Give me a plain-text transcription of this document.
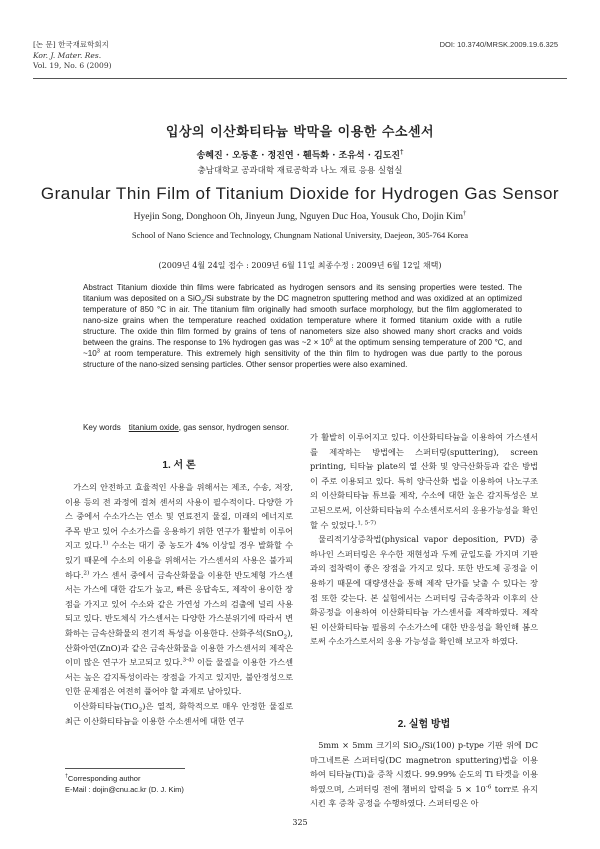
[논 문] 한국재료학회지
Kor. J. Mater. Res.
Vol. 19, No. 6 (2009)
DOI: 10.3740/MRSK.2009.19.6.325
입상의 이산화티타늄 박막을 이용한 수소센서
송혜진 · 오동훈 · 정진연 · 휀득화 · 조유석 · 김도진†
충남대학교 공과대학 재료공학과 나노 재료 응용 실험실
Granular Thin Film of Titanium Dioxide for Hydrogen Gas Sensor
Hyejin Song, Donghoon Oh, Jinyeun Jung, Nguyen Duc Hoa, Yousuk Cho, Dojin Kim†
School of Nano Science and Technology, Chungnam National University, Daejeon, 305-764 Korea
(2009년 4월 24일 접수 : 2009년 6월 11일 최종수정 : 2009년 6월 12일 채택)
Abstract Titanium dioxide thin films were fabricated as hydrogen sensors and its sensing properties were tested. The titanium was deposited on a SiO$_2$/Si substrate by the DC magnetron sputtering method and was oxidized at an optimized temperature of 850 °C in air. The titanium film originally had smooth surface morphology, but the film agglomerated to nano-size grains when the temperature reached oxidation temperature where it formed titanium oxide with a rutile structure. The oxide thin film formed by grains of tens of nanometers size also showed many short cracks and voids between the grains. The response to 1% hydrogen gas was ~2 × $10^6$ at the optimum sensing temperature of 200 °C, and $\sim 10^3$ at room temperature. This extremely high sensitivity of the thin film to hydrogen was due partly to the porous structure of the nano-sized sensing particles. Other sensor properties were also examined.
Key words titanium oxide, gas sensor, hydrogen sensor.
1. 서 론

가스의 안전하고 효율적인 사용을 위해서는 제조, 수송, 저장, 이용 등의 전 과정에 걸쳐 센서의 사용이 필수적이다. 다양한 가스 중에서 수소가스는 연소 및 연료전지 물질, 미래의 에너지로 주목 받고 있어 수소가스를 응용하기 위한 연구가 활발히 이루어지고 있다.$^{1)}$ 수소는 대기 중 농도가 4% 이상일 경우 발화할 수 있기 때문에 수소의 이용을 위해서는 가스센서의 사용은 불가피하다.$^{2)}$ 가스 센서 중에서 금속산화물을 이용한 반도체형 가스센서는 가스에 대한 감도가 높고, 빠른 응답속도, 제작이 용이한 장점을 가지고 있어 수소와 같은 가연성 가스의 검출에 널리 사용되고 있다. 반도체식 가스센서는 다양한 가스분위기에 따라서 변화하는 금속산화물의 전기적 특성을 이용한다. 산화주석(SnO$_2$), 산화아연(ZnO)과 같은 금속산화물을 이용한 가스센서의 제작은 이미 많은 연구가 보고되고 있다.$^{3-4)}$ 이들 물질을 이용한 가스센서는 높은 감지특성이라는 장점을 가지고 있지만, 불안정성으로 인한 문제점은 여전히 풀어야 할 과제로 남아있다.

이산화티타늄(TiO$_2$)은 열적, 화학적으로 매우 안정한 물질로 최근 이산화티타늄을 이용한 수소센서에 대한 연구

가 활발히 이루어지고 있다. 이산화티타늄을 이용하여 가스센서를 제작하는 방법에는 스퍼터링(sputtering), screen printing, 티타늄 plate의 열 산화 및 양극산화등과 같은 방법이 주로 이용되고 있다. 특히 양극산화 법을 이용하여 나노구조의 이산화티타늄 튜브를 제작, 수소에 대한 높은 감지특성은 보고된으로써, 이산화티타늄의 수소센서로서의 응용가능성을 확인할 수 있었다.$^{1, 5-7)}$

물리적기상증착법(physical vapor deposition, PVD) 중 하나인 스퍼터링은 우수한 재현성과 두께 균일도를 가지며 기판과의 접착력이 좋은 장점을 가지고 있다. 또한 반도체 공정을 이용하기 때문에 대량생산을 통해 제작 단가를 낮출 수 있다는 장점 또한 갖는다. 본 실험에서는 스퍼터링 금속증착과 이후의 산화공정을 이용하여 이산화티타늄 가스센서를 제작하였다. 제작된 이산화티타늄 필름의 수소가스에 대한 반응성을 확인해 봄으로써 수소가스로서의 응용 가능성을 확인해 보고자 하였다.

2. 실험 방법

5mm × 5mm 크기의 SiO$_2$/Si(100) p-type 기판 위에 DC 마그네트론 스퍼터링(DC magnetron sputtering)법을 이용하여 티타늄(Ti)을 증착 시켰다. 99.99% 순도의 Ti 타겟을 이용하였으며, 스퍼터링 전에 챔버의 압력을 $5 \times 10^{-6}$ torr로 유지 시킨 후 증착 공정을 수행하였다. 스퍼터링은 아

†Corresponding author
E-Mail : dojin@cnu.ac.kr (D. J. Kim)
325
